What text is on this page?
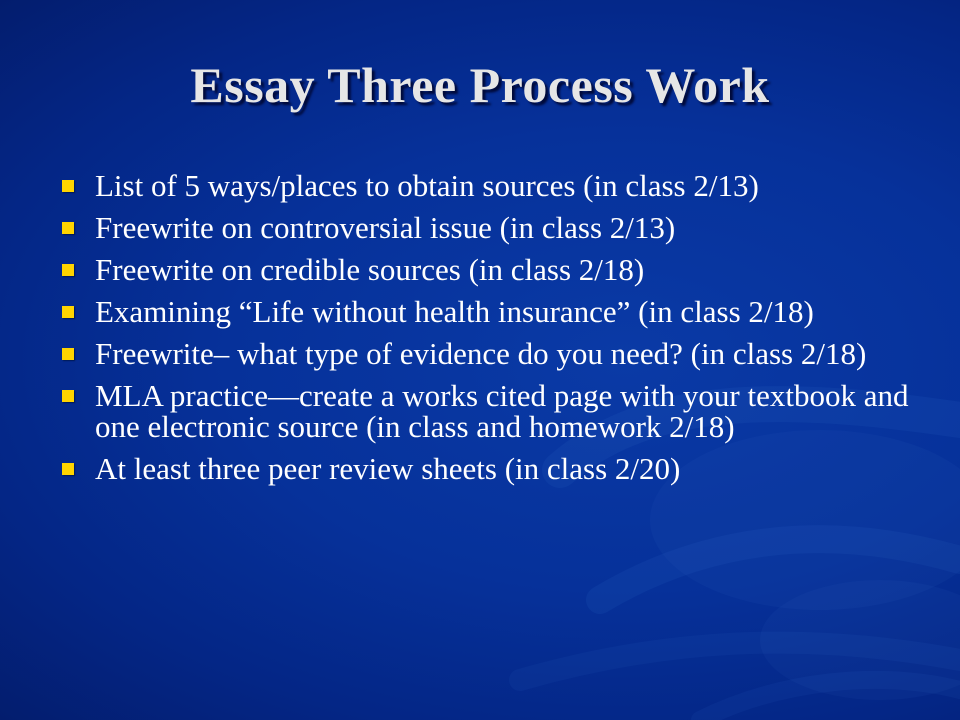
Essay Three Process Work
List of 5 ways/places to obtain sources (in class 2/13)
Freewrite on controversial issue (in class 2/13)
Freewrite on credible sources (in class 2/18)
Examining “Life without health insurance” (in class 2/18)
Freewrite– what type of evidence do you need? (in class 2/18)
MLA practice—create a works cited page with your textbook and one electronic source (in class and homework 2/18)
At least three peer review sheets (in class 2/20)
